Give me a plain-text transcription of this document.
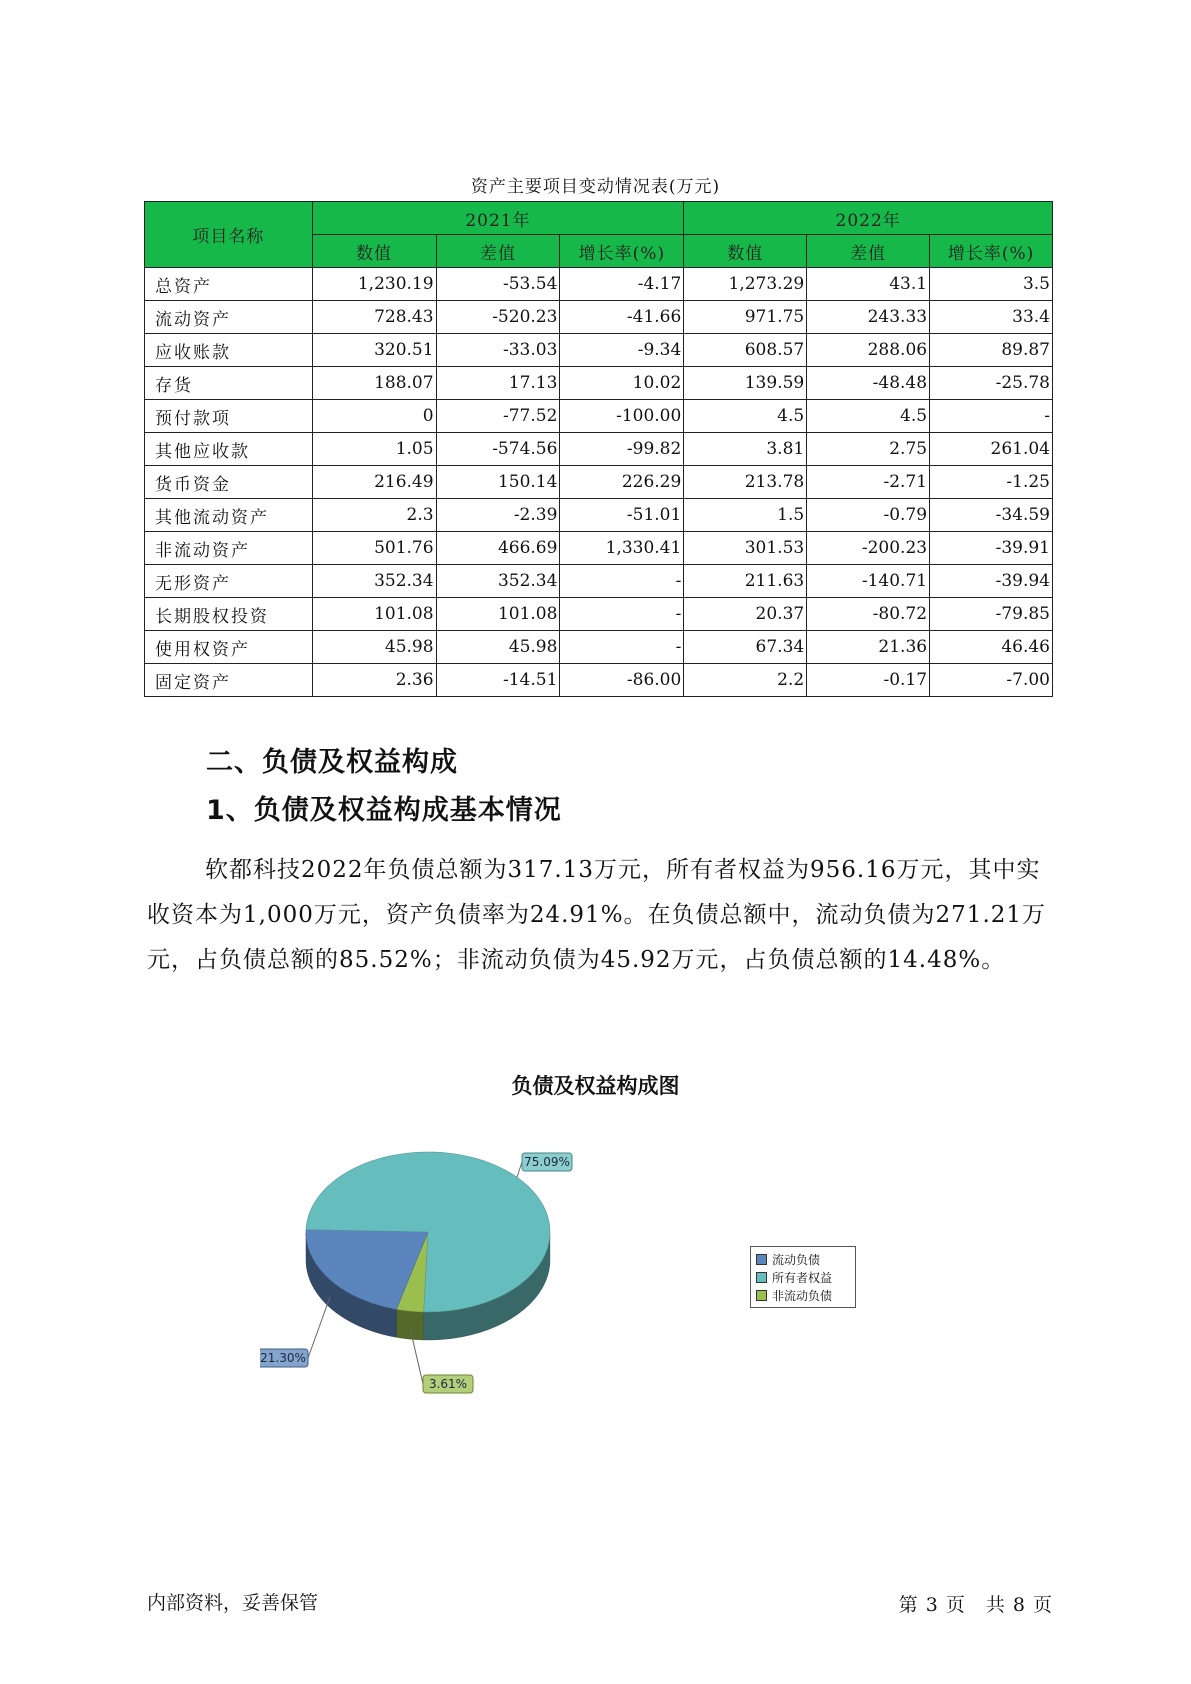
资产主要项目变动情况表(万元)
项目名称	2021年			2022年		
	数值	差值	增长率(%)	数值	差值	增长率(%)
总资产	1,230.19	-53.54	-4.17	1,273.29	43.1	3.5
流动资产	728.43	-520.23	-41.66	971.75	243.33	33.4
应收账款	320.51	-33.03	-9.34	608.57	288.06	89.87
存货	188.07	17.13	10.02	139.59	-48.48	-25.78
预付款项	0	-77.52	-100.00	4.5	4.5	-
其他应收款	1.05	-574.56	-99.82	3.81	2.75	261.04
货币资金	216.49	150.14	226.29	213.78	-2.71	-1.25
其他流动资产	2.3	-2.39	-51.01	1.5	-0.79	-34.59
非流动资产	501.76	466.69	1,330.41	301.53	-200.23	-39.91
无形资产	352.34	352.34	-	211.63	-140.71	-39.94
长期股权投资	101.08	101.08	-	20.37	-80.72	-79.85
使用权资产	45.98	45.98	-	67.34	21.36	46.46
固定资产	2.36	-14.51	-86.00	2.2	-0.17	-7.00
二、负债及权益构成
1、负债及权益构成基本情况
软都科技2022年负债总额为317.13万元，所有者权益为956.16万元，其中实收资本为1,000万元，资产负债率为24.91%。在负债总额中，流动负债为271.21万元，占负债总额的85.52%；非流动负债为45.92万元，占负债总额的14.48%。
负债及权益构成图
3.61%
21.30%
75.09%
流动负债
所有者权益
非流动负债
内部资料，妥善保管	第 3 页　共 8 页
